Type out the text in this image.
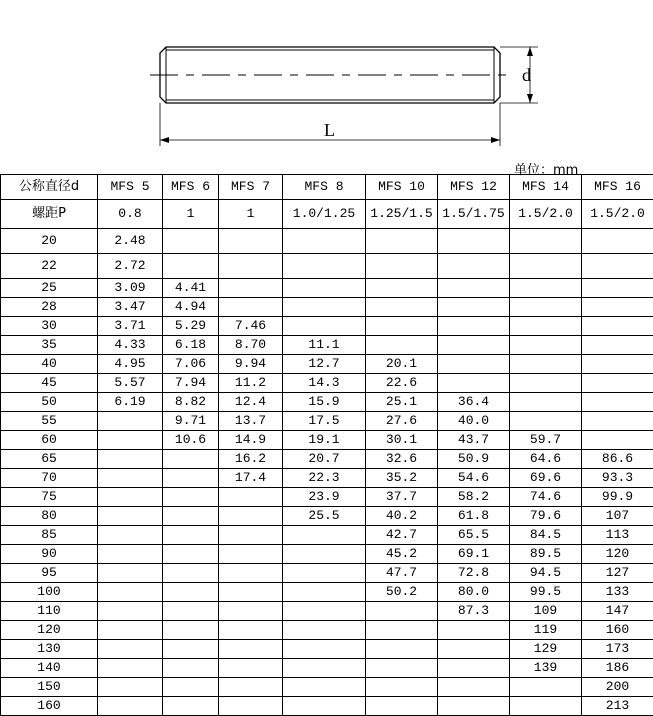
d
L
单位：mm
公称直径d	MFS 5	MFS 6	MFS 7	MFS 8	MFS 10	MFS 12	MFS 14	MFS 16
螺距P	0.8	1	1	1.0/1.25	1.25/1.5	1.5/1.75	1.5/2.0	1.5/2.0
20	2.48							
22	2.72							
25	3.09	4.41						
28	3.47	4.94						
30	3.71	5.29	7.46					
35	4.33	6.18	8.70	11.1				
40	4.95	7.06	9.94	12.7	20.1			
45	5.57	7.94	11.2	14.3	22.6			
50	6.19	8.82	12.4	15.9	25.1	36.4		
55		9.71	13.7	17.5	27.6	40.0		
60		10.6	14.9	19.1	30.1	43.7	59.7	
65			16.2	20.7	32.6	50.9	64.6	86.6
70			17.4	22.3	35.2	54.6	69.6	93.3
75				23.9	37.7	58.2	74.6	99.9
80				25.5	40.2	61.8	79.6	107
85					42.7	65.5	84.5	113
90					45.2	69.1	89.5	120
95					47.7	72.8	94.5	127
100					50.2	80.0	99.5	133
110						87.3	109	147
120							119	160
130							129	173
140							139	186
150								200
160								213
